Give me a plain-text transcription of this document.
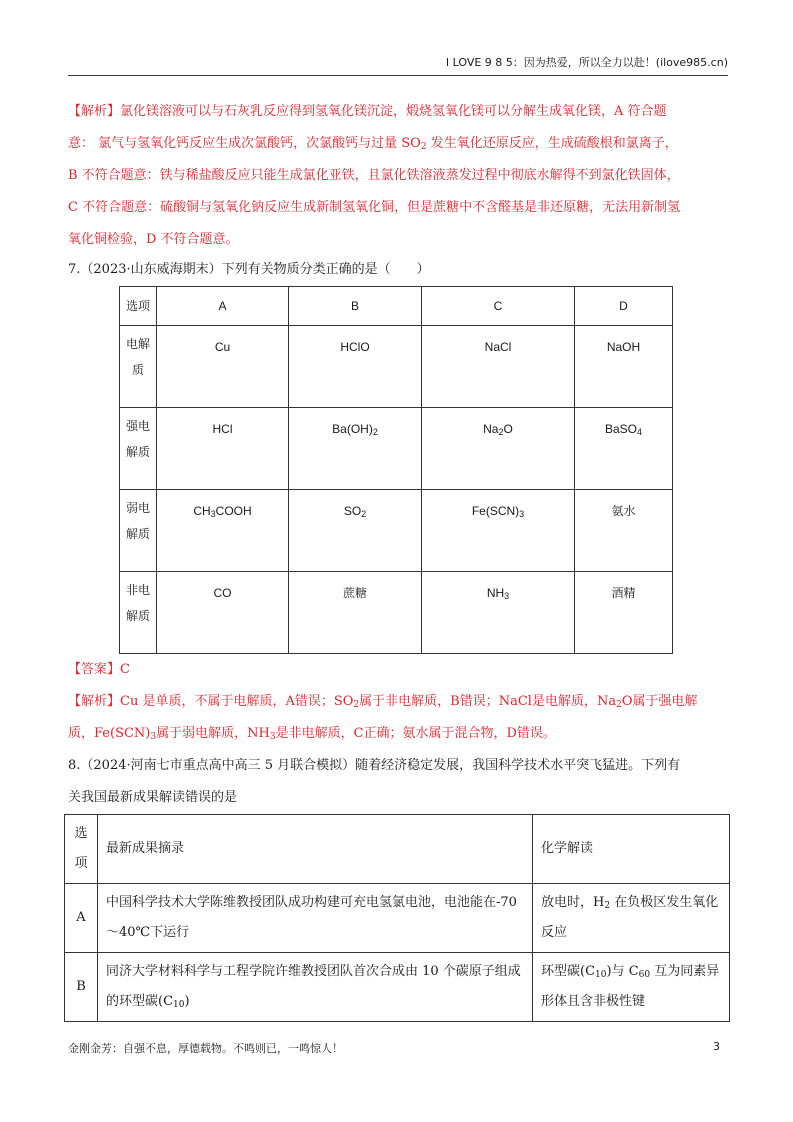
I LOVE 9 8 5：因为热爱，所以全力以赴！(ilove985.cn)

【解析】氯化镁溶液可以与石灰乳反应得到氢氧化镁沉淀，煅烧氢氧化镁可以分解生成氧化镁，A 符合题

意： 氯气与氢氧化钙反应生成次氯酸钙，次氯酸钙与过量 $SO_2$ 发生氧化还原反应，生成硫酸根和氯离子，

B 不符合题意：铁与稀盐酸反应只能生成氯化亚铁，且氯化铁溶液蒸发过程中彻底水解得不到氯化铁固体，

C 不符合题意：硫酸铜与氢氧化钠反应生成新制氢氧化铜，但是蔗糖中不含醛基是非还原糖，无法用新制氢

氧化铜检验，D 不符合题意。

7.（2023·山东威海期末）下列有关物质分类正确的是（　　）

选项	A	B	C	D
电解
质	Cu	HClO	NaCl	NaOH
强电
解质	HCl	$Ba(OH)_2$	$Na_2O$	BaSO$_4$
弱电
解质	$CH_3COOH$	$SO_2$	$Fe(SCN)_3$	氨水
非电
解质	CO	蔗糖	$NH_3$	酒精

【答案】C

【解析】Cu 是单质，不属于电解质，A错误；$SO_2$属于非电解质，B错误；NaCl是电解质，$Na_2O$属于强电解

质，$Fe(SCN)_3$属于弱电解质，$NH_3$是非电解质，C正确；氨水属于混合物，D错误。

8.（2024·河南七市重点高中高三 5 月联合模拟）随着经济稳定发展，我国科学技术水平突飞猛进。下列有

关我国最新成果解读错误的是

选
项	最新成果摘录	化学解读
A	中国科学技术大学陈维教授团队成功构建可充电氢氯电池，电池能在-70～40℃下运行	放电时，$H_2$ 在负极区发生氧化反应
B	同济大学材料科学与工程学院许维教授团队首次合成由 10 个碳原子组成的环型碳$(C_{10})$	环型碳$(C_{10})$与 $C_{60}$ 互为同素异形体且含非极性键
金刚金芳：自强不息，厚德载物。不鸣则已，一鸣惊人！	3
